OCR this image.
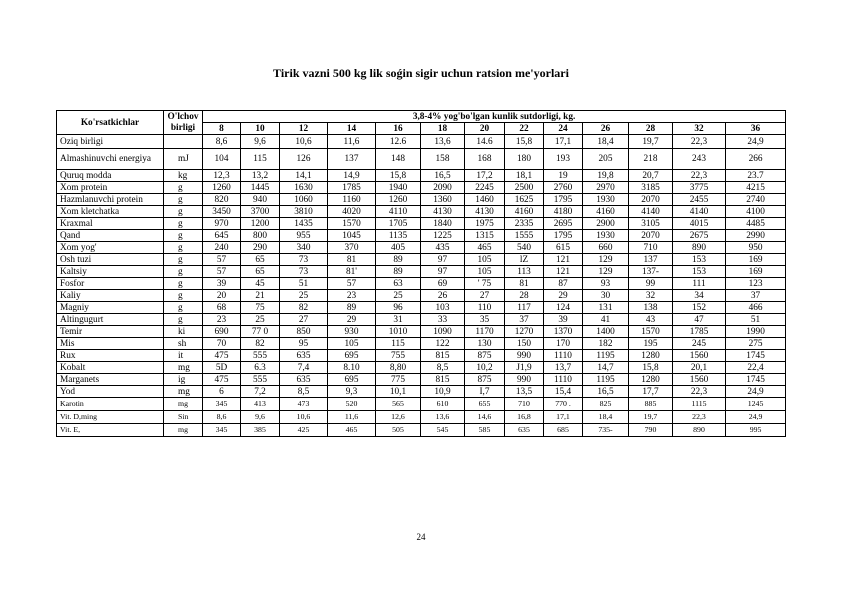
Tirik vazni 500 kg lik soǵin sigir uchun ratsion me'yorlari
Ko'rsatkichlar	O'lchov birligi	3,8-4% yog'bo'lgan kunlik sutdorligi, kg.												
		8	10	12	14	16	18	20	22	24	26	28	32	36
Oziq birligi		8,6	9,6	10,6	11,6	12.6	13,6	14.6	15,8	17,1	18,4	19,7	22,3	24,9
Almashinuvchi energiya	mJ	104	115	126	137	148	158	168	180	193	205	218	243	266
Quruq modda	kg	12,3	13,2	14,1	14,9	15,8	16,5	17,2	18,1	19	19,8	20,7	22,3	23.7
Xom protein	g	1260	1445	1630	1785	1940	2090	2245	2500	2760	2970	3185	3775	4215
Hazmlanuvchi protein	g	820	940	1060	1160	1260	1360	1460	1625	1795	1930	2070	2455	2740
Xom kletchatka	g	3450	3700	3810	4020	4110	4130	4130	4160	4180	4160	4140	4140	4100
Kraxmal	g	970	1200	1435	1570	1705	1840	1975	2335	2695	2900	3105	4015	4485
Qand	g	645	800	955	1045	1135	1225	1315	1555	1795	1930	2070	2675	2990
Xom yog'	g	240	290	340	370	405	435	465	540	615	660	710	890	950
Osh tuzi	g	57	65	73	81	89	97	105	lZ	121	129	137	153	169
Kaltsiy	g	57	65	73	81'	89	97	105	113	121	129	137-	153	169
Fosfor	g	39	45	51	57	63	69	' 75	81	87	93	99	111	123
Kaliy	g	20	21	25	23	25	26	27	28	29	30	32	34	37
Magniy	g	68	75	82	89	96	103	110	117	124	131	138	152	466
Altingugurt	g	23	25	27	29	31	33	35	37	39	41	43	47	51
Temir	ki	690	77 0	850	930	1010	1090	1170	1270	1370	1400	1570	1785	1990
Mis	sh	70	82	95	105	115	122	130	150	170	182	195	245	275
Rux	it	475	555	635	695	755	815	875	990	1110	1195	1280	1560	1745
Kobalt	mg	5D	6.3	7,4	8.10	8,80	8,5	10,2	J1,9	13,7	14,7	15,8	20,1	22,4
Marganets	ig	475	555	635	695	775	815	875	990	1110	1195	1280	1560	1745
Yod	mg	6	7,2	8,5	9,3	10,1	10,9	I,7	13,5	15,4	16,5	17,7	22,3	24,9
Karotin	mg	345	413	473	520	565	610	655	710	770 .	825	885	1115	1245
Vit. D,ming	Sin	8,6	9,6	10,6	11,6	12,6	13,6	14,6	16,8	17,1	18,4	19,7	22,3	24,9
Vit. E,	mg	345	385	425	465	505	545	585	635	685	735-	790	890	995
24
